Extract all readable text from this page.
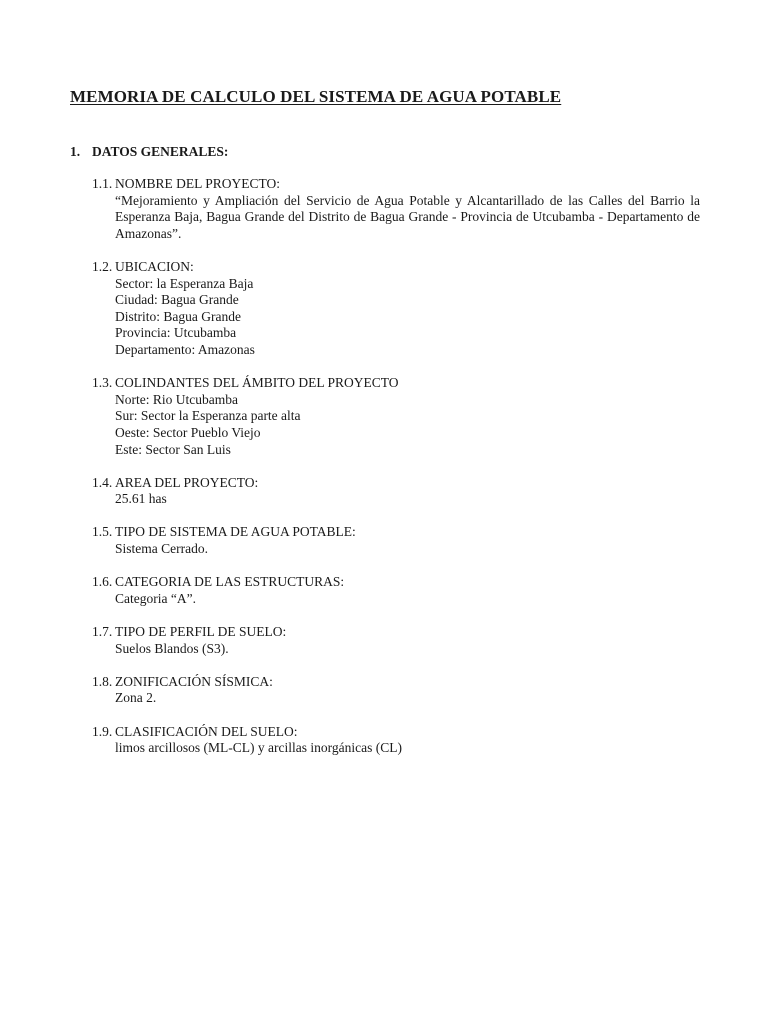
MEMORIA DE CALCULO DEL SISTEMA DE AGUA POTABLE
1. DATOS GENERALES:
1.1. NOMBRE DEL PROYECTO:
“Mejoramiento y Ampliación del Servicio de Agua Potable y Alcantarillado de las Calles del Barrio la Esperanza Baja, Bagua Grande del Distrito de Bagua Grande - Provincia de Utcubamba - Departamento de Amazonas”.
1.2. UBICACION:
Sector: la Esperanza Baja
Ciudad: Bagua Grande
Distrito: Bagua Grande
Provincia: Utcubamba
Departamento: Amazonas
1.3. COLINDANTES DEL ÁMBITO DEL PROYECTO
Norte: Rio Utcubamba
Sur: Sector la Esperanza parte alta
Oeste: Sector Pueblo Viejo
Este: Sector San Luis
1.4. AREA DEL PROYECTO:
25.61 has
1.5. TIPO DE SISTEMA DE AGUA POTABLE:
Sistema Cerrado.
1.6. CATEGORIA DE LAS ESTRUCTURAS:
Categoria “A”.
1.7. TIPO DE PERFIL DE SUELO:
Suelos Blandos (S3).
1.8. ZONIFICACIÓN SÍSMICA:
Zona 2.
1.9. CLASIFICACIÓN DEL SUELO:
limos arcillosos (ML-CL) y arcillas inorgánicas (CL)
